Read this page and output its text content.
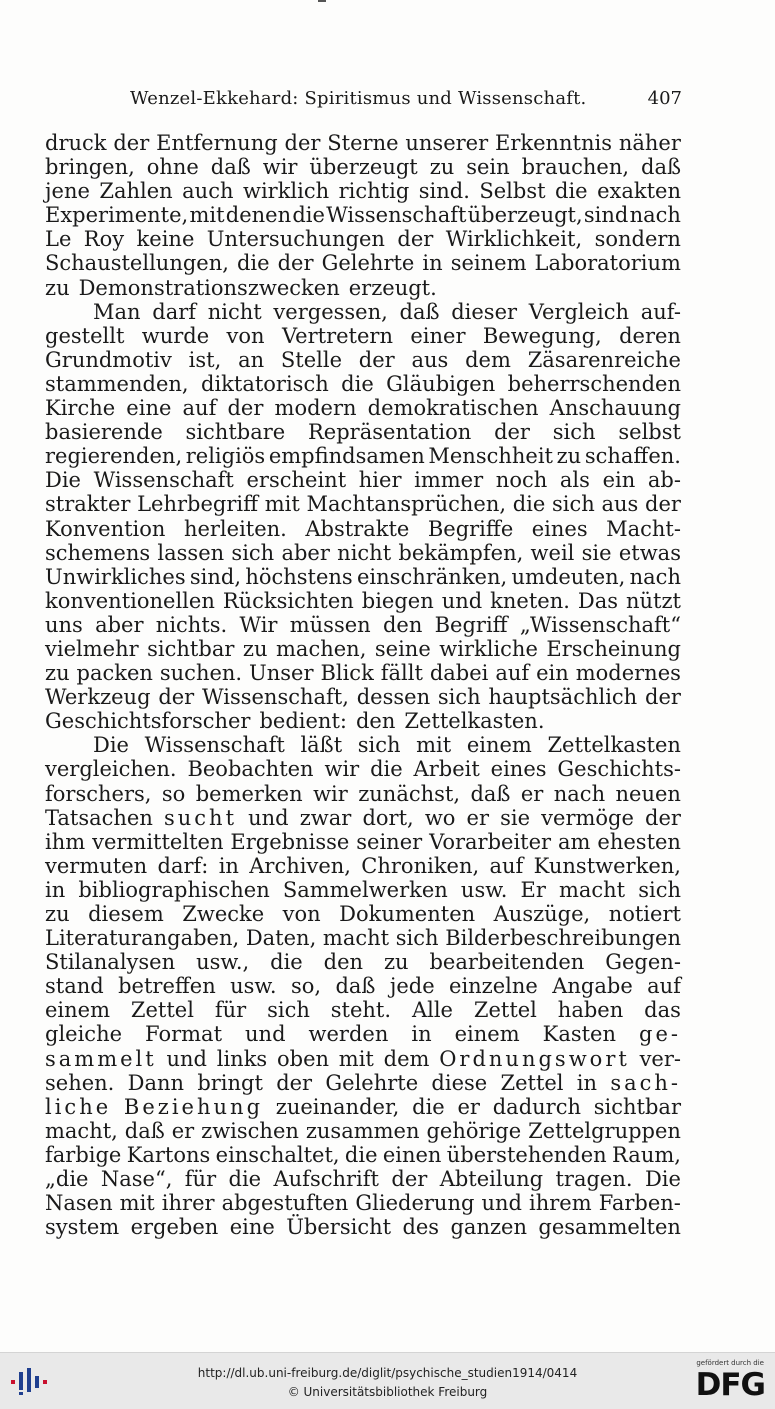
Wenzel-Ekkehard: Spiritismus und Wissenschaft.	407
druck der Entfernung der Sterne unserer Erkenntnis näher
bringen, ohne daß wir überzeugt zu sein brauchen, daß
jene Zahlen auch wirklich richtig sind. Selbst die exakten
Experimente, mit denen die Wissenschaft überzeugt, sind nach
Le Roy keine Untersuchungen der Wirklichkeit, sondern
Schaustellungen, die der Gelehrte in seinem Laboratorium
zu Demonstrationszwecken erzeugt.
Man darf nicht vergessen, daß dieser Vergleich auf-
gestellt wurde von Vertretern einer Bewegung, deren
Grundmotiv ist, an Stelle der aus dem Zäsarenreiche
stammenden, diktatorisch die Gläubigen beherrschenden
Kirche eine auf der modern demokratischen Anschauung
basierende sichtbare Repräsentation der sich selbst
regierenden, religiös empfindsamen Menschheit zu schaffen.
Die Wissenschaft erscheint hier immer noch als ein ab-
strakter Lehrbegriff mit Machtansprüchen, die sich aus der
Konvention herleiten. Abstrakte Begriffe eines Macht-
schemens lassen sich aber nicht bekämpfen, weil sie etwas
Unwirkliches sind, höchstens einschränken, umdeuten, nach
konventionellen Rücksichten biegen und kneten. Das nützt
uns aber nichts. Wir müssen den Begriff „Wissenschaft“
vielmehr sichtbar zu machen, seine wirkliche Erscheinung
zu packen suchen. Unser Blick fällt dabei auf ein modernes
Werkzeug der Wissenschaft, dessen sich hauptsächlich der
Geschichtsforscher bedient: den Zettelkasten.
Die Wissenschaft läßt sich mit einem Zettelkasten
vergleichen. Beobachten wir die Arbeit eines Geschichts-
forschers, so bemerken wir zunächst, daß er nach neuen
Tatsachen sucht und zwar dort, wo er sie vermöge der
ihm vermittelten Ergebnisse seiner Vorarbeiter am ehesten
vermuten darf: in Archiven, Chroniken, auf Kunstwerken,
in bibliographischen Sammelwerken usw. Er macht sich
zu diesem Zwecke von Dokumenten Auszüge, notiert
Literaturangaben, Daten, macht sich Bilderbeschreibungen
Stilanalysen usw., die den zu bearbeitenden Gegen-
stand betreffen usw. so, daß jede einzelne Angabe auf
einem Zettel für sich steht. Alle Zettel haben das
gleiche Format und werden in einem Kasten ge-
sammelt und links oben mit dem Ordnungswort ver-
sehen. Dann bringt der Gelehrte diese Zettel in sach-
liche Beziehung zueinander, die er dadurch sichtbar
macht, daß er zwischen zusammen gehörige Zettelgruppen
farbige Kartons einschaltet, die einen überstehenden Raum,
„die Nase“, für die Aufschrift der Abteilung tragen. Die
Nasen mit ihrer abgestuften Gliederung und ihrem Farben-
system ergeben eine Übersicht des ganzen gesammelten
http://dl.ub.uni-freiburg.de/diglit/psychische_studien1914/0414
© Universitätsbibliothek Freiburg
gefördert durch die
DFG
